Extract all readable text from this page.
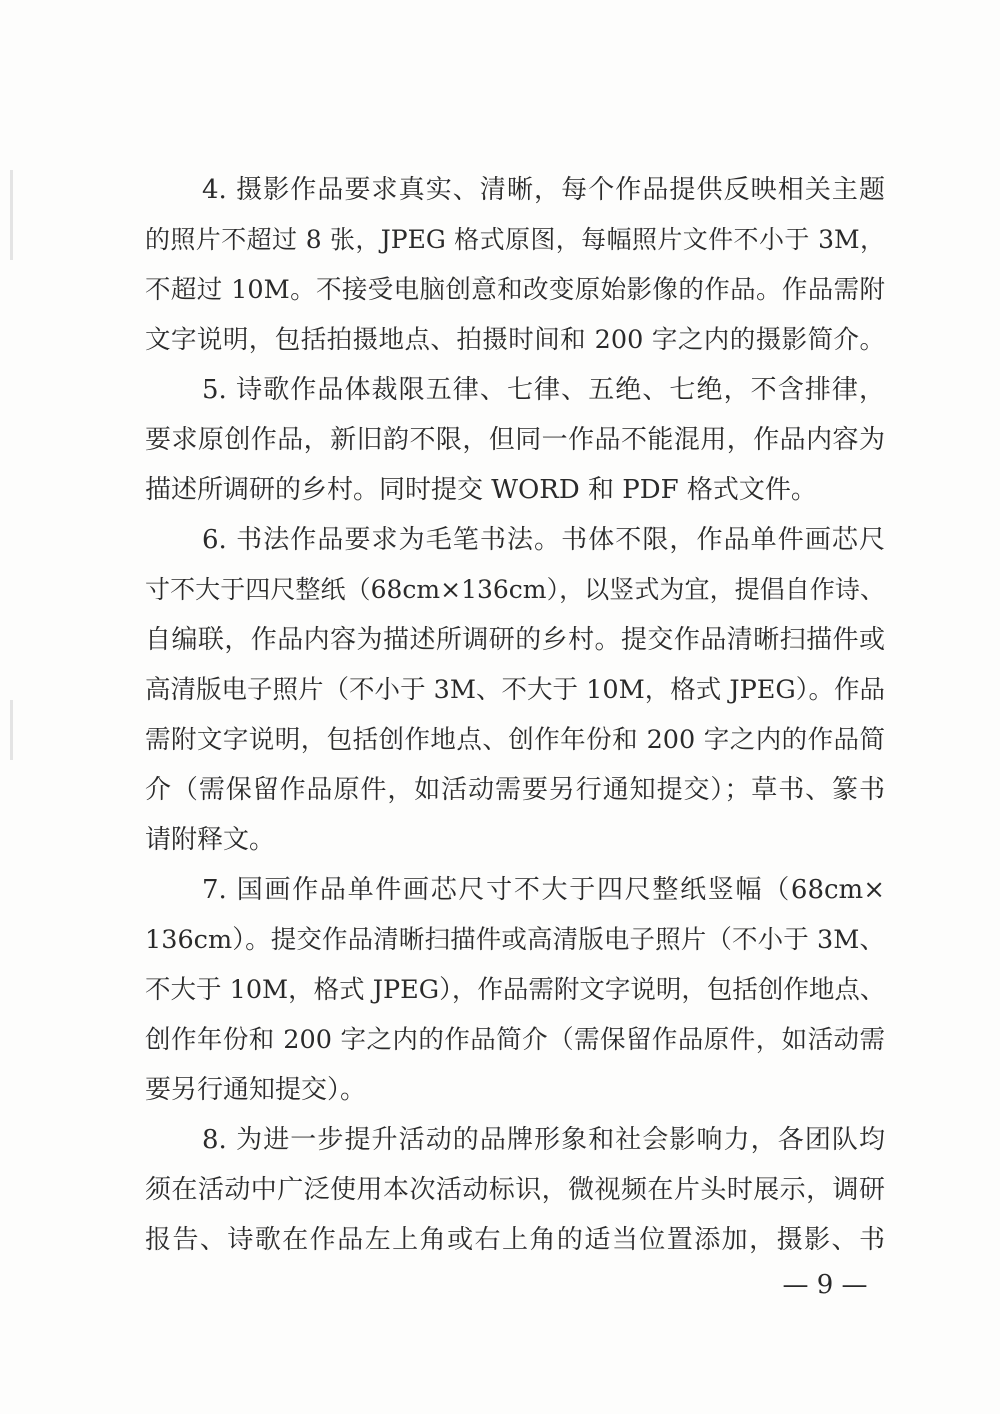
4. 摄影作品要求真实、清晰，每个作品提供反映相关主题
的照片不超过 8 张，JPEG 格式原图，每幅照片文件不小于 3M，
不超过 10M。不接受电脑创意和改变原始影像的作品。作品需附
文字说明，包括拍摄地点、拍摄时间和 200 字之内的摄影简介。
5. 诗歌作品体裁限五律、七律、五绝、七绝，不含排律，
要求原创作品，新旧韵不限，但同一作品不能混用，作品内容为
描述所调研的乡村。同时提交 WORD 和 PDF 格式文件。
6. 书法作品要求为毛笔书法。书体不限，作品单件画芯尺
寸不大于四尺整纸（68cm×136cm），以竖式为宜，提倡自作诗、
自编联，作品内容为描述所调研的乡村。提交作品清晰扫描件或
高清版电子照片（不小于 3M、不大于 10M，格式 JPEG）。作品
需附文字说明，包括创作地点、创作年份和 200 字之内的作品简
介（需保留作品原件，如活动需要另行通知提交）；草书、篆书
请附释文。
7. 国画作品单件画芯尺寸不大于四尺整纸竖幅（68cm×
136cm）。提交作品清晰扫描件或高清版电子照片（不小于 3M、
不大于 10M，格式 JPEG），作品需附文字说明，包括创作地点、
创作年份和 200 字之内的作品简介（需保留作品原件，如活动需
要另行通知提交）。
8. 为进一步提升活动的品牌形象和社会影响力，各团队均
须在活动中广泛使用本次活动标识，微视频在片头时展示，调研
报告、诗歌在作品左上角或右上角的适当位置添加，摄影、书
— 9 —
